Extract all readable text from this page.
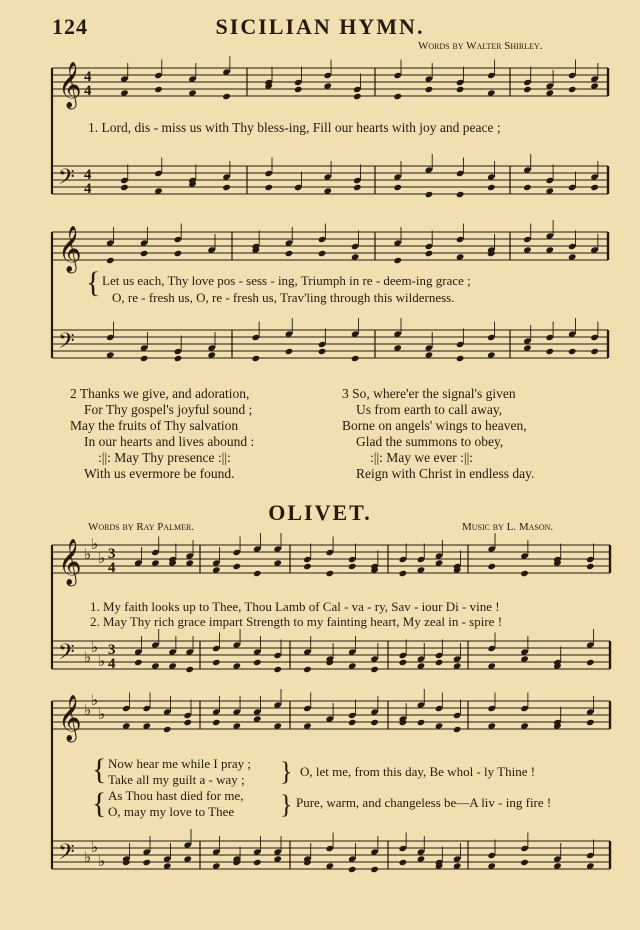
124	SICILIAN HYMN.
Words by Walter Shirley.
1. Lord, dis - miss us with Thy bless-ing, Fill our hearts with joy and peace ;
{ Let us each, Thy love pos - sess - ing, Triumph in re - deem-ing grace ;
O, re - fresh us, O, re - fresh us, Trav'ling through this wilderness.
2 Thanks we give, and adoration,
For Thy gospel's joyful sound ;
May the fruits of Thy salvation
In our hearts and lives abound :
:||: May Thy presence :||:
With us evermore be found.
3 So, where'er the signal's given
Us from earth to call away,
Borne on angels' wings to heaven,
Glad the summons to obey,
:||: May we ever :||:
Reign with Christ in endless day.
OLIVET.
Words by Ray Palmer.	Music by L. Mason.
1. My faith looks up to Thee, Thou Lamb of Cal - va - ry, Sav - iour Di - vine !
2. May Thy rich grace impart Strength to my fainting heart, My zeal in - spire !
{
{
Now hear me while I pray ;
Take all my guilt a - way ;
As Thou hast died for me,
O, may my love to Thee
}
}
O, let me, from this day, Be whol - ly Thine !
Pure, warm, and changeless be—A liv - ing fire !
𝄞
𝄢
4
4
4
4
𝄞
𝄢
𝄞
𝄢
♭
♭
♭
♭
♭
♭
3
4
3
4
𝄞
𝄢
♭
♭
♭
♭
♭
♭
